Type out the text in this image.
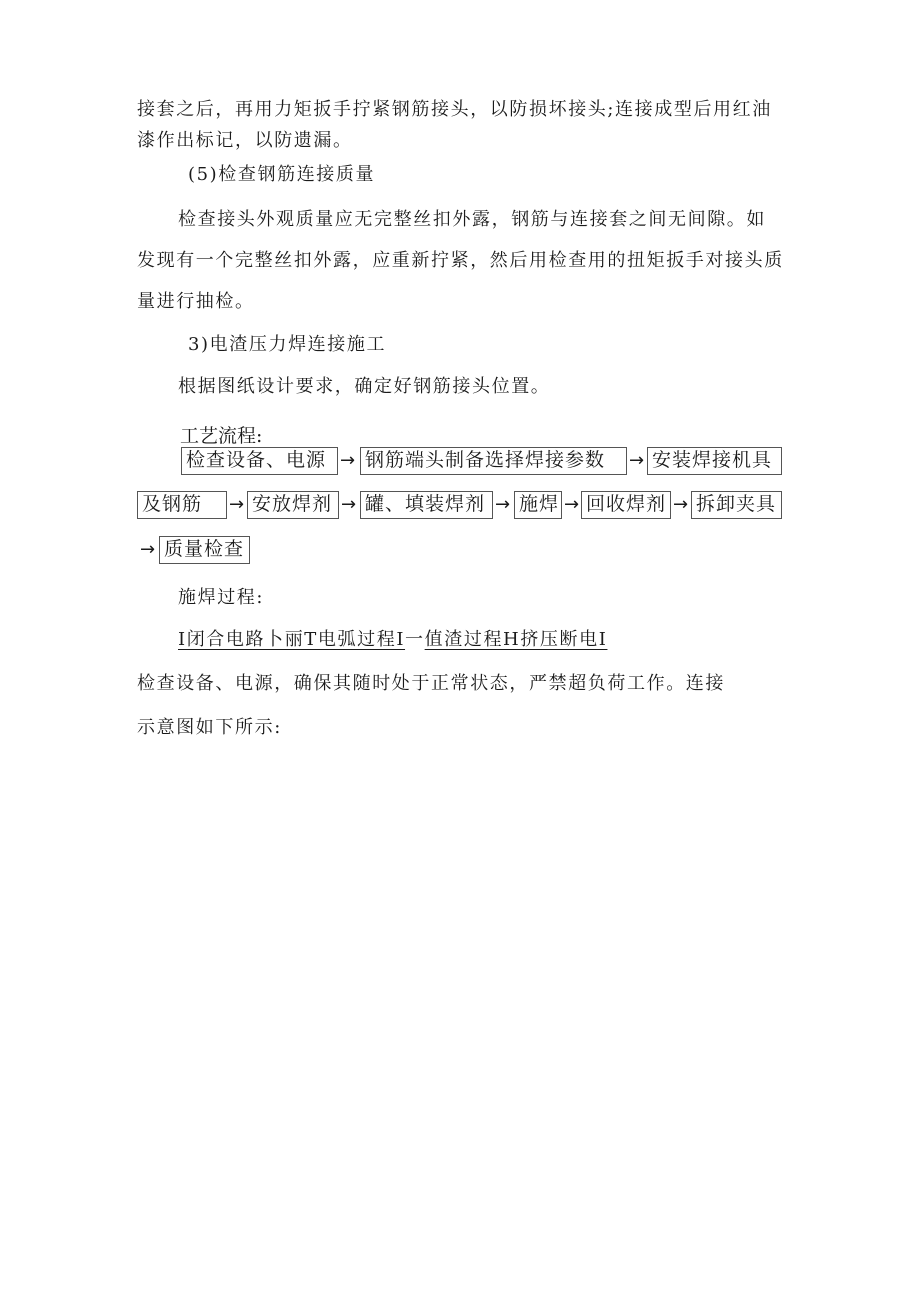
接套之后，再用力矩扳手拧紧钢筋接头，以防损坏接头;连接成型后用红油
漆作出标记，以防遗漏。
(5)检查钢筋连接质量
检查接头外观质量应无完整丝扣外露，钢筋与连接套之间无间隙。如
发现有一个完整丝扣外露，应重新拧紧，然后用检查用的扭矩扳手对接头质
量进行抽检。
3)电渣压力焊连接施工
根据图纸设计要求，确定好钢筋接头位置。
工艺流程:
检查设备、电源 → 钢筋端头制备选择焊接参数	→ 安装焊接机具
及钢筋	→ 安放焊剂 → 罐、填装焊剂 → 施焊 → 回收焊剂 → 拆卸夹具
→ 质量检查
施焊过程:
I闭合电路卜丽T电弧过程I一值渣过程H挤压断电I
检查设备、电源，确保其随时处于正常状态，严禁超负荷工作。连接
示意图如下所示:
